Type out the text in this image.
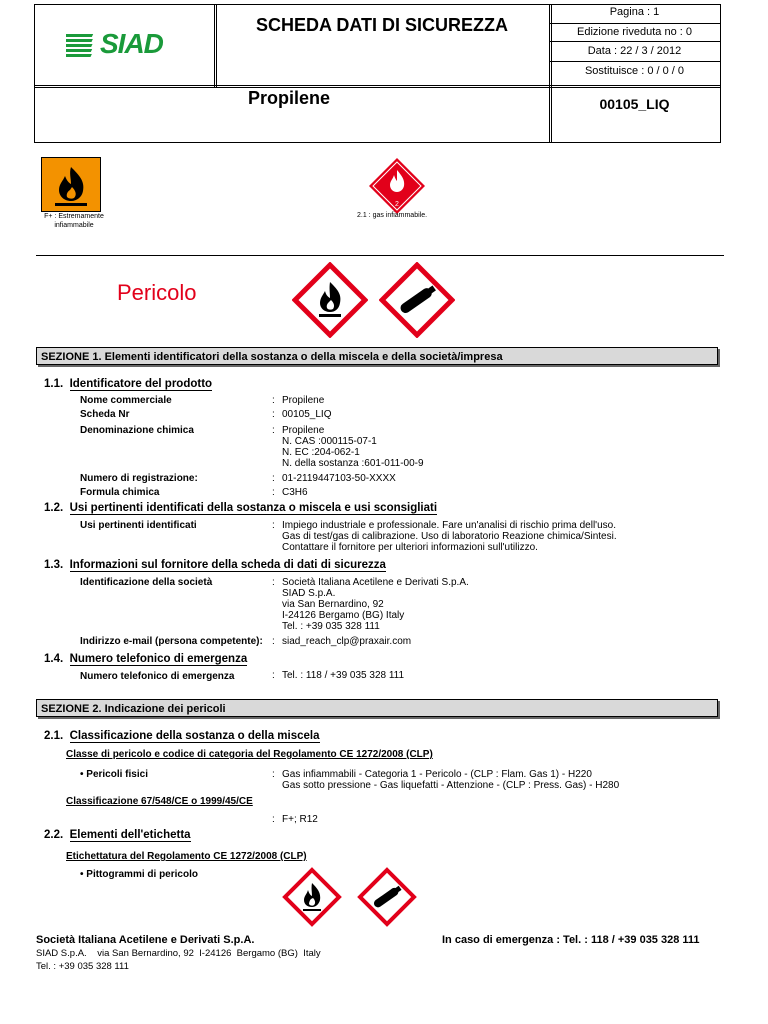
SIAD
SCHEDA DATI DI SICUREZZA
Pagina : 1
Edizione riveduta no : 0
Data : 22 / 3 / 2012
Sostituisce : 0 / 0 / 0
Propilene	00105_LIQ
F+ : Estremamente infiammabile
2
2.1 : gas infiammabile.
Pericolo
SEZIONE 1. Elementi identificatori della sostanza o della miscela e della società/impresa
1.1. Identificatore del prodotto
Nome commerciale	: Propilene
Scheda Nr	: 00105_LIQ
Denominazione chimica	: Propilene
N. CAS :000115-07-1
N. EC :204-062-1
N. della sostanza :601-011-00-9
Numero di registrazione:	: 01-2119447103-50-XXXX
Formula chimica	: C3H6
1.2. Usi pertinenti identificati della sostanza o miscela e usi sconsigliati
Usi pertinenti identificati	: Impiego industriale e professionale. Fare un'analisi di rischio prima dell'uso.
Gas di test/gas di calibrazione. Uso di laboratorio Reazione chimica/Sintesi.
Contattare il fornitore per ulteriori informazioni sull'utilizzo.
1.3. Informazioni sul fornitore della scheda di dati di sicurezza
Identificazione della società	: Società Italiana Acetilene e Derivati S.p.A.
SIAD S.p.A.
via San Bernardino, 92
I-24126 Bergamo (BG) Italy
Tel. : +39 035 328 111
Indirizzo e-mail (persona competente): : siad_reach_clp@praxair.com
1.4. Numero telefonico di emergenza
Numero telefonico di emergenza	: Tel. : 118 / +39 035 328 111
SEZIONE 2. Indicazione dei pericoli
2.1. Classificazione della sostanza o della miscela
Classe di pericolo e codice di categoria del Regolamento CE 1272/2008 (CLP)
• Pericoli fisici	: Gas infiammabili - Categoria 1 - Pericolo - (CLP : Flam. Gas 1) - H220
Gas sotto pressione - Gas liquefatti - Attenzione - (CLP : Press. Gas) - H280
Classificazione 67/548/CE o 1999/45/CE
: F+; R12
2.2. Elementi dell'etichetta
Etichettatura del Regolamento CE 1272/2008 (CLP)
• Pittogrammi di pericolo
Società Italiana Acetilene e Derivati S.p.A.	In caso di emergenza : Tel. : 118 / +39 035 328 111
SIAD S.p.A.    via San Bernardino, 92  I-24126  Bergamo (BG)  Italy
Tel. : +39 035 328 111
